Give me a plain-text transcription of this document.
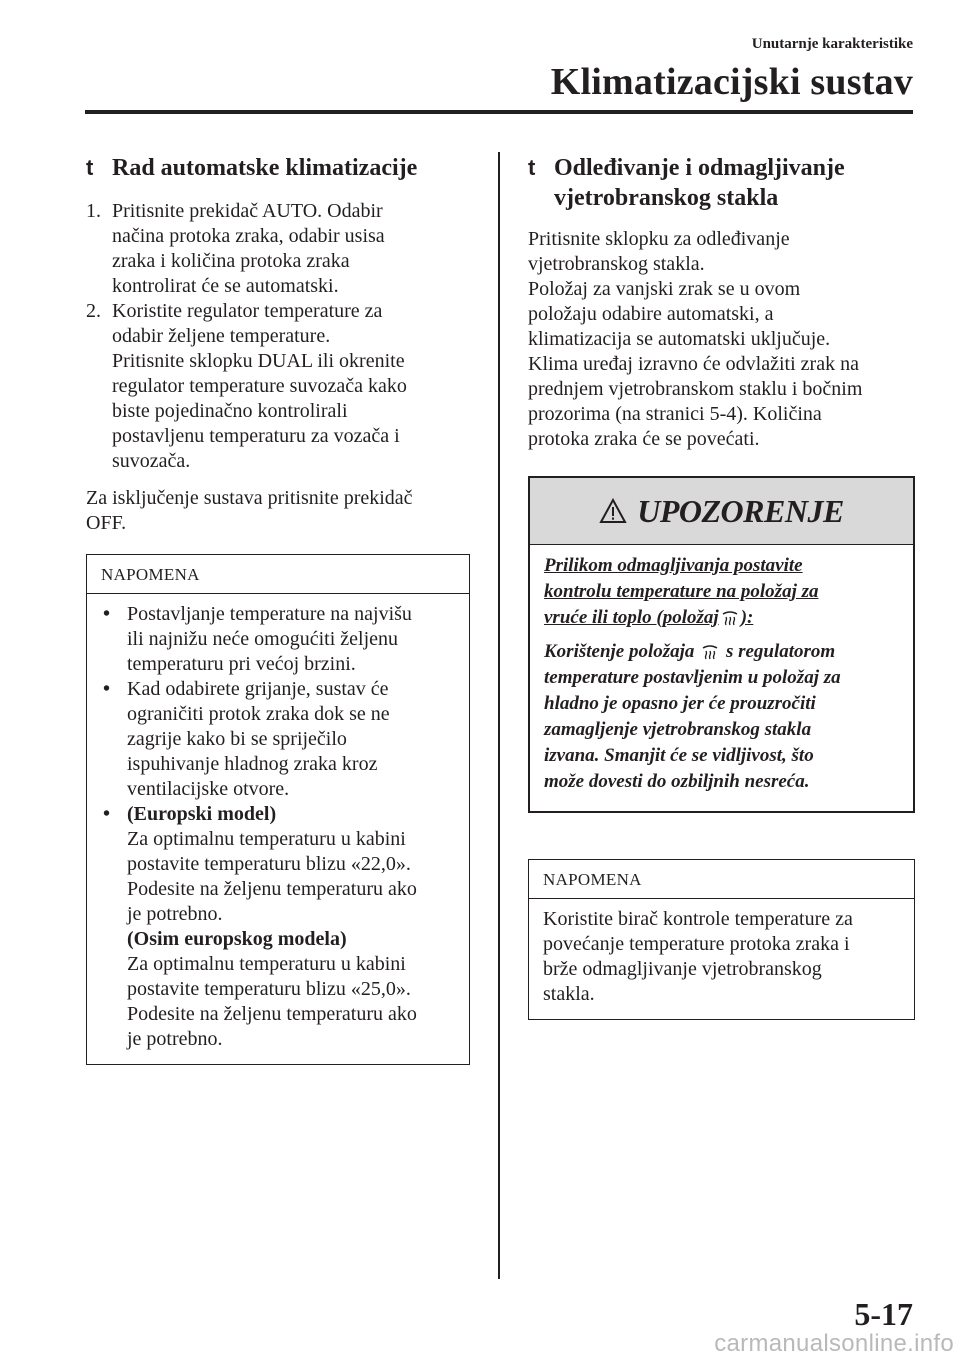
Unutarnje karakteristike
Klimatizacijski sustav
t Rad automatske klimatizacije
1. Pritisnite prekidač AUTO. Odabir
načina protoka zraka, odabir usisa
zraka i količina protoka zraka
kontrolirat će se automatski.
2. Koristite regulator temperature za
odabir željene temperature.
Pritisnite sklopku DUAL ili okrenite
regulator temperature suvozača kako
biste pojedinačno kontrolirali
postavljenu temperaturu za vozača i
suvozača.

Za isključenje sustava pritisnite prekidač
OFF.

NAPOMENA
• Postavljanje temperature na najvišu
ili najnižu neće omogućiti željenu
temperaturu pri većoj brzini.
• Kad odabirete grijanje, sustav će
ograničiti protok zraka dok se ne
zagrije kako bi se spriječilo
ispuhivanje hladnog zraka kroz
ventilacijske otvore.
• (Europski model)
Za optimalnu temperaturu u kabini
postavite temperaturu blizu «22,0».
Podesite na željenu temperaturu ako
je potrebno.
(Osim europskog modela)
Za optimalnu temperaturu u kabini
postavite temperaturu blizu «25,0».
Podesite na željenu temperaturu ako
je potrebno.
t Odleđivanje i odmagljivanje
vjetrobranskog stakla

Pritisnite sklopku za odleđivanje
vjetrobranskog stakla.
Položaj za vanjski zrak se u ovom
položaju odabire automatski, a
klimatizacija se automatski uključuje.
Klima uređaj izravno će odvlažiti zrak na
prednjem vjetrobranskom staklu i bočnim
prozorima (na stranici 5-4). Količina
protoka zraka će se povećati.

UPOZORENJE

Prilikom odmagljivanja postavite
kontrolu temperature na položaj za
vruće ili toplo (položaj ):

Korištenje položaja s regulatorom
temperature postavljenim u položaj za
hladno je opasno jer će prouzročiti
zamagljenje vjetrobranskog stakla
izvana. Smanjit će se vidljivost, što
može dovesti do ozbiljnih nesreća.

NAPOMENA
Koristite birač kontrole temperature za
povećanje temperature protoka zraka i
brže odmagljivanje vjetrobranskog
stakla.
5-17
carmanualsonline.info
